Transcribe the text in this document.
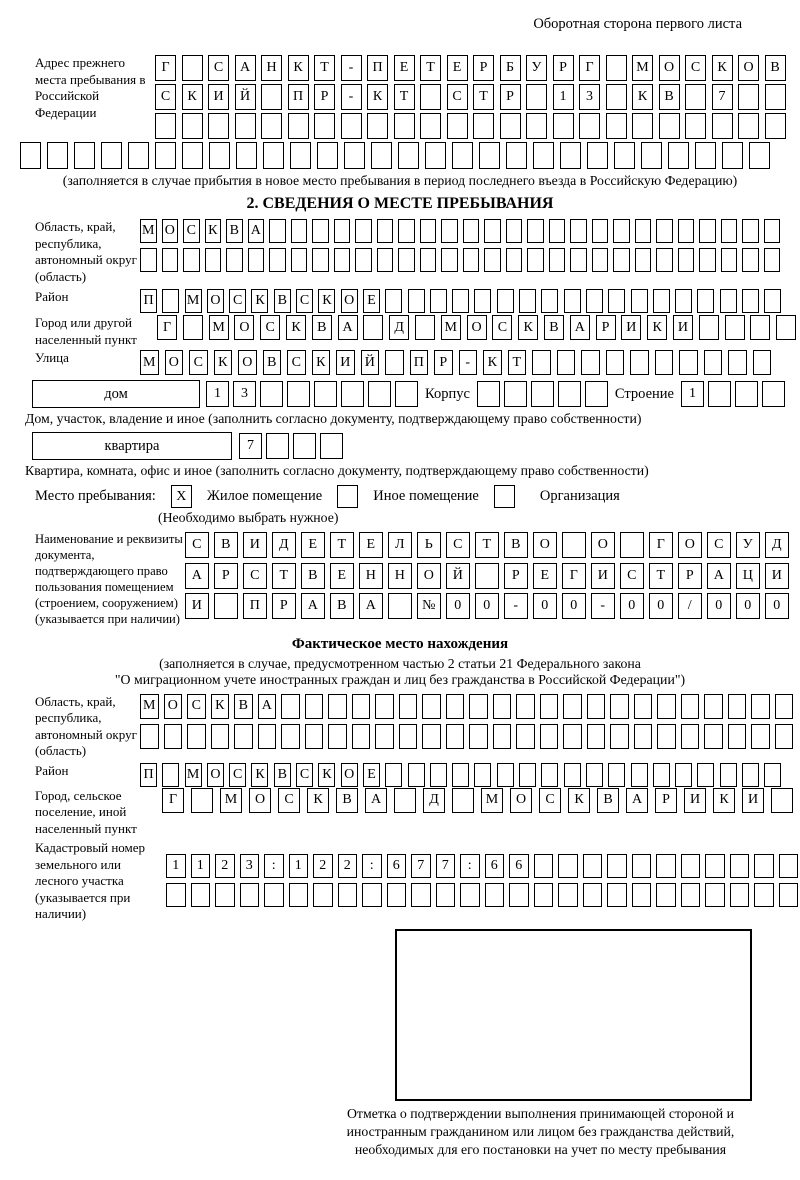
Оборотная сторона первого листа
Адрес прежнего места пребывания в Российской Федерации
Г	С	А	Н	К	Т	-	П	Е	Т	Е	Р	Б	У	Р	Г	М	О	С	К	О	В
С	К	И	Й	П	Р	-	К	Т	С	Т	Р	1	3	К	В	7
(заполняется в случае прибытия в новое место пребывания в период последнего въезда в Российскую Федерацию)
2. СВЕДЕНИЯ О МЕСТЕ ПРЕБЫВАНИЯ
Область, край, республика, автономный округ (область)
М О С К В А
Район	П М О С К В С К О Е
Город или другой населенный пункт
Г	М	О	С	К	В	А	Д	М	О	С	К	В	А	Р	И	К	И
Улица	М О	С	К	О	В	С	К	И Й	П	Р	-	К	Т
дом	1	3	Корпус	Строение	1
Дом, участок, владение и иное (заполнить согласно документу, подтверждающему право собственности)
квартира	7
Квартира, комната, офис и иное (заполнить согласно документу, подтверждающему право собственности)
Место пребывания:	X	Жилое помещение	Иное помещение	Организация
(Необходимо выбрать нужное)
Наименование и реквизиты документа, подтверждающего право пользования помещением (строением, сооружением) (указывается при наличии)
С	В	И	Д	Е	Т	Е	Л	Ь	С	Т	В	О	О	Г	О	С	У	Д
А	Р	С	Т	В	Е	Н	Н	О	Й	Р	Е	Г	И	С	Т	Р	А	Ц	И
И	П	Р	А	В	А	№	0	0	-	0	0	-	0	0	/	0	0	0
Фактическое место нахождения
(заполняется в случае, предусмотренном частью 2 статьи 21 Федерального закона
"О миграционном учете иностранных граждан и лиц без гражданства в Российской Федерации")
Область, край, республика, автономный округ (область)
М О С	К	В А
Район	П М О С К В С К О Е
Город, сельское поселение, иной населенный пункт
Г	М	О	С	К	В	А	Д	М	О	С	К	В	А	Р	И	К	И
Кадастровый номер земельного или лесного участка (указывается при наличии)
1	1	2	3	:	1	2	2	:	6	7	7	:	6	6
Отметка о подтверждении выполнения принимающей стороной и иностранным гражданином или лицом без гражданства действий, необходимых для его постановки на учет по месту пребывания
